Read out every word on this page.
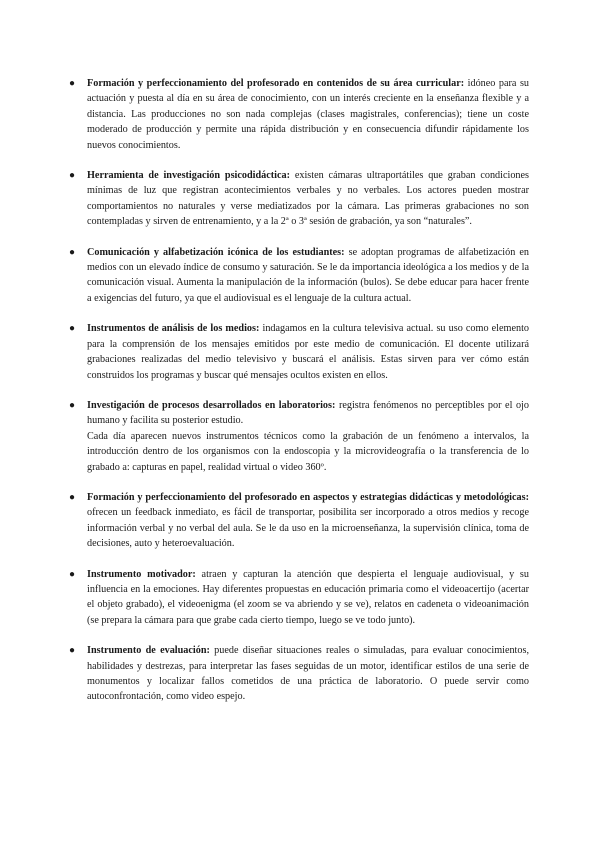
● Formación y perfeccionamiento del profesorado en contenidos de su área curricular: idóneo para su actuación y puesta al día en su área de conocimiento, con un interés creciente en la enseñanza flexible y a distancia. Las producciones no son nada complejas (clases magistrales, conferencias); tiene un coste moderado de producción y permite una rápida distribución y en consecuencia difundir rápidamente los nuevos conocimientos.
● Herramienta de investigación psicodidáctica: existen cámaras ultraportátiles que graban condiciones mínimas de luz que registran acontecimientos verbales y no verbales. Los actores pueden mostrar comportamientos no naturales y verse mediatizados por la cámara. Las primeras grabaciones no son contempladas y sirven de entrenamiento, y a la 2ª o 3ª sesión de grabación, ya son “naturales”.
● Comunicación y alfabetización icónica de los estudiantes: se adoptan programas de alfabetización en medios con un elevado índice de consumo y saturación. Se le da importancia ideológica a los medios y de la comunicación visual. Aumenta la manipulación de la información (bulos). Se debe educar para hacer frente a exigencias del futuro, ya que el audiovisual es el lenguaje de la cultura actual.
● Instrumentos de análisis de los medios: indagamos en la cultura televisiva actual. su uso como elemento para la comprensión de los mensajes emitidos por este medio de comunicación. El docente utilizará grabaciones realizadas del medio televisivo y buscará el análisis. Estas sirven para ver cómo están construidos los programas y buscar qué mensajes ocultos existen en ellos.
● Investigación de procesos desarrollados en laboratorios: registra fenómenos no perceptibles por el ojo humano y facilita su posterior estudio.
Cada día aparecen nuevos instrumentos técnicos como la grabación de un fenómeno a intervalos, la introducción dentro de los organismos con la endoscopia y la microvideografía o la transferencia de lo grabado a: capturas en papel, realidad virtual o video 360º.
● Formación y perfeccionamiento del profesorado en aspectos y estrategias didácticas y metodológicas: ofrecen un feedback inmediato, es fácil de transportar, posibilita ser incorporado a otros medios y recoge información verbal y no verbal del aula. Se le da uso en la microenseñanza, la supervisión clínica, toma de decisiones, auto y heteroevaluación.
● Instrumento motivador: atraen y capturan la atención que despierta el lenguaje audiovisual, y su influencia en la emociones. Hay diferentes propuestas en educación primaria como el videoacertijo (acertar el objeto grabado), el videoenigma (el zoom se va abriendo y se ve), relatos en cadeneta o videoanimación (se prepara la cámara para que grabe cada cierto tiempo, luego se ve todo junto).
● Instrumento de evaluación: puede diseñar situaciones reales o simuladas, para evaluar conocimientos, habilidades y destrezas, para interpretar las fases seguidas de un motor, identificar estilos de una serie de monumentos y localizar fallos cometidos de una práctica de laboratorio. O puede servir como autoconfrontación, como video espejo.
